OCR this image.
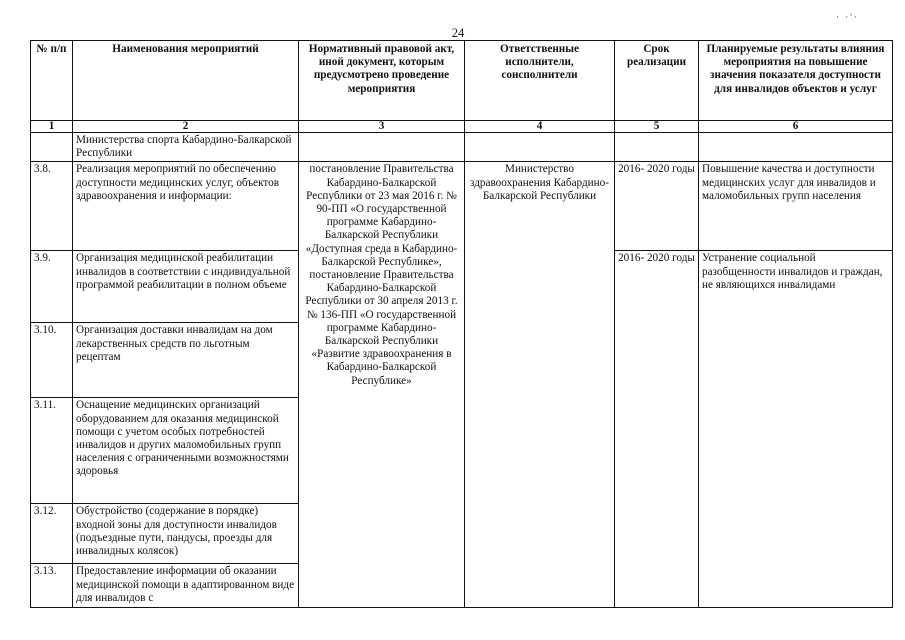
24
· ·'·
№ п/п	Наименования мероприятий	Нормативный правовой акт, иной документ, которым предусмотрено проведение мероприятия	Ответственные исполнители, соисполнители	Срок реализации	Планируемые результаты влияния мероприятия на повышение значения показателя доступности для инвалидов объектов и услуг
1	2	3	4	5	6
	Министерства спорта Кабардино-Балкарской Республики				
3.8.	Реализация мероприятий по обеспечению доступности медицинских услуг, объектов здравоохранения и информации:	постановление Правительства Кабардино-Балкарской Республики от 23 мая 2016 г. № 90-ПП «О государственной программе Кабардино-Балкарской Республики «Доступная среда в Кабардино-Балкарской Республике», постановление Правительства Кабардино-Балкарской Республики от 30 апреля 2013 г. № 136-ПП «О государственной программе Кабардино-Балкарской Республики «Развитие здравоохранения в Кабардино-Балкарской Республике»	Министерство здравоохранения Кабардино-Балкарской Республики	2016- 2020 годы	Повышение качества и доступности медицинских услуг для инвалидов и маломобильных групп населения
3.9.	Организация медицинской реабилитации инвалидов в соответствии с индивидуальной программой реабилитации в полном объеме			2016- 2020 годы	Устранение социальной разобщенности инвалидов и граждан, не являющихся инвалидами
3.10.	Организация доставки инвалидам на дом лекарственных средств по льготным рецептам				
3.11.	Оснащение медицинских организаций оборудованием для оказания медицинской помощи с учетом особых потребностей инвалидов и других маломобильных групп населения с ограниченными возможностями здоровья				
3.12.	Обустройство (содержание в порядке) входной зоны для доступности инвалидов (подъездные пути, пандусы, проезды для инвалидных колясок)				
3.13.	Предоставление информации об оказании медицинской помощи в адаптированном виде для инвалидов с				
